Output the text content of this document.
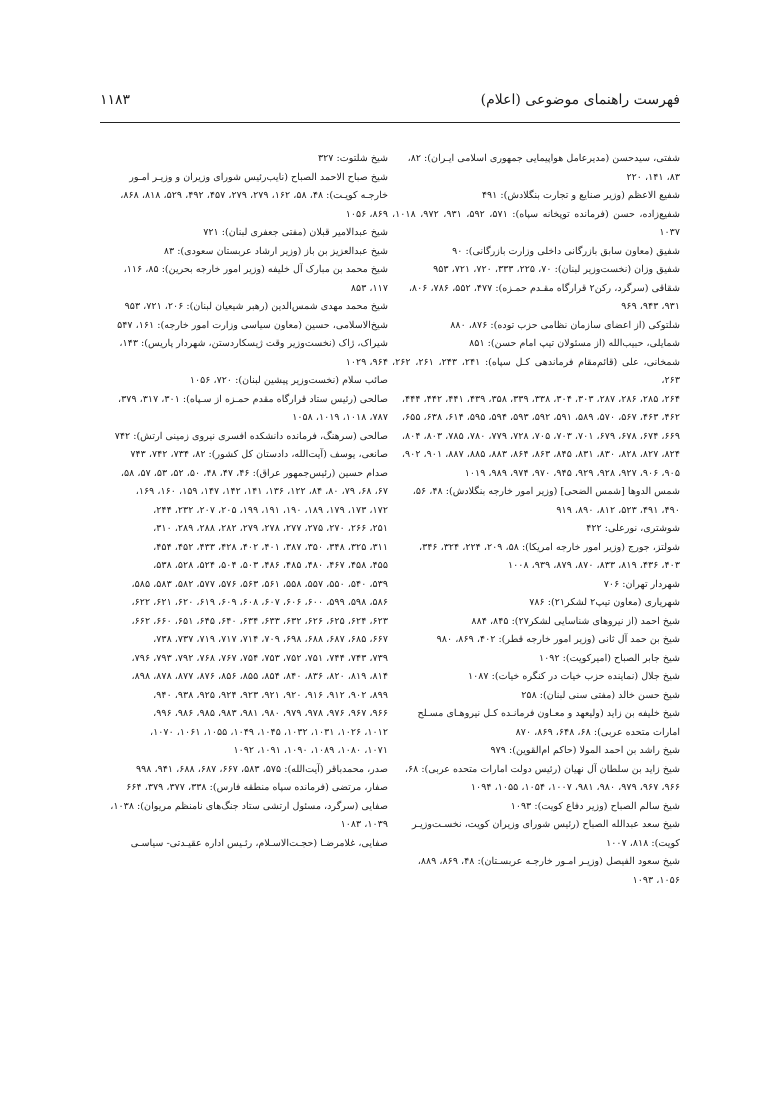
فهرست راهنمای موضوعی (اعلام)
۱۱۸۳

شفتی، سیدحسن (مدیرعامل هواپیمایی جمهوری اسلامی ایـران): ۸۲،

۸۳، ۱۴۱، ۲۲۰

شفیع الاعظم (وزیر صنایع و تجارت بنگلادش): ۴۹۱

شفیع‌زاده، حسن (فرمانده توپخانه سپاه): ۵۷۱، ۵۹۲، ۹۳۱، ۹۷۲، ۱۰۱۸، ۱۰۳۷

شفیق (معاون سابق بازرگانی داخلی وزارت بازرگانی): ۹۰

شفیق وزان (نخست‌وزیر لبنان): ۷۰، ۲۲۵، ۳۳۳، ۷۲۰، ۷۲۱، ۹۵۳

شقاقی (سرگرد، رکن۲ قرارگاه مقـدم حمـزه): ۴۷۷، ۵۵۲، ۷۸۶، ۸۰۶،

۹۳۱، ۹۴۳، ۹۶۹

شلتوکی (از اعضای سازمان نظامی حزب توده): ۸۷۶، ۸۸۰

شمایلی، حبیب‌الله (از مسئولان تیپ امام حسن): ۸۵۱

شمخانی، علی (قائم‌مقام فرماندهی کـل سپاه): ۲۴۱، ۲۴۳، ۲۶۱، ۲۶۲، ۲۶۳،

۲۶۴، ۲۸۵، ۲۸۶، ۲۸۷، ۳۰۳، ۳۰۴، ۳۳۸، ۳۳۹، ۳۵۸، ۴۳۹، ۴۴۱، ۴۴۲، ۴۴۴،

۴۶۲، ۴۶۳، ۵۶۷، ۵۷۰، ۵۸۹، ۵۹۱، ۵۹۲، ۵۹۳، ۵۹۴، ۵۹۵، ۶۱۴، ۶۳۸، ۶۵۵،

۶۶۹، ۶۷۴، ۶۷۸، ۶۷۹، ۷۰۱، ۷۰۳، ۷۰۵، ۷۲۸، ۷۷۹، ۷۸۰، ۷۸۵، ۸۰۳، ۸۰۴،

۸۲۴، ۸۲۷، ۸۲۸، ۸۳۰، ۸۳۱، ۸۴۵، ۸۶۳، ۸۶۴، ۸۸۳، ۸۸۵، ۸۸۷، ۹۰۱، ۹۰۲،

۹۰۵، ۹۰۶، ۹۲۷، ۹۲۸، ۹۲۹، ۹۴۵، ۹۷۰، ۹۷۴، ۹۸۹، ۱۰۱۹

شمس الدوها [شمس الضحی] (وزیر امور خارجه بنگلادش): ۴۸، ۵۶،

۴۹۰، ۴۹۱، ۵۲۳، ۸۱۲، ۸۹۰، ۹۱۹

شوشتری، نورعلی: ۴۲۲

شولتز، جورج (وزیر امور خارجه امریکا): ۵۸، ۲۰۹، ۲۲۴، ۳۲۴، ۳۴۶،

۴۰۳، ۴۳۶، ۸۱۹، ۸۳۳، ۸۷۰، ۸۷۹، ۹۳۹، ۱۰۰۸

شهردار تهران: ۷۰۶

شهریاری (معاون تیپ۲ لشکر۲۱): ۷۸۶

شیخ احمد (از نیروهای شناسایی لشکر۲۷): ۸۴۵، ۸۸۴

شیخ بن حمد آل ثانی (وزیر امور خارجه قطر): ۴۰۲، ۸۶۹، ۹۸۰

شیخ جابر الصباح (امیرکویت): ۱۰۹۲

شیخ جلال (نماینده حزب خیات در کنگره خیات): ۱۰۸۷

شیخ حسن خالد (مفتی سنی لبنان): ۲۵۸

شیخ خلیفه بن زاید (ولیعهد و معـاون فرمانـده کـل نیروهـای مسـلح

امارات متحده عربی): ۶۸، ۶۴۸، ۸۶۹، ۸۷۰

شیخ راشد بن احمد المولا (حاکم ام‌القوین): ۹۷۹

شیخ زاید بن سلطان آل نهیان (رئیس دولت امارات متحده عربی): ۶۸،

۹۶۶، ۹۶۷، ۹۷۹، ۹۸۰، ۹۸۱، ۱۰۰۷، ۱۰۵۴، ۱۰۵۵، ۱۰۹۴

شیخ سالم الصباح (وزیر دفاع کویت): ۱۰۹۳

شیخ سعد عبدالله الصباح (رئیس شورای وزیران کویت، نخسـت‌وزیـر

کویت): ۸۱۸، ۱۰۰۷

شیخ سعود الفیصل (وزیـر امـور خارجـه عربسـتان): ۴۸، ۸۶۹، ۸۸۹،

۱۰۵۶، ۱۰۹۳

شیخ شلتوت: ۳۲۷

شیخ صباح الاحمد الصباح (نایب‌رئیس شورای وزیران و وزیـر امـور

خارجـه کویـت): ۴۸، ۵۸، ۱۶۲، ۲۷۹، ۲۷۹، ۴۵۷، ۴۹۲، ۵۲۹، ۸۱۸، ۸۶۸،

۸۶۹، ۱۰۵۶

شیخ عبدالامیر قبلان (مفتی جعفری لبنان): ۷۲۱

شیخ عبدالعزیز بن باز (وزیر ارشاد عربستان سعودی): ۸۳

شیخ محمد بن مبارک آل خلیفه (وزیر امور خارجه بحرین): ۸۵، ۱۱۶،

۱۱۷، ۸۵۳

شیخ محمد مهدی شمس‌الدین (رهبر شیعیان لبنان): ۲۰۶، ۷۲۱، ۹۵۳

شیخ‌الاسلامی، حسین (معاون سیاسی وزارت امور خارجه): ۱۶۱، ۵۴۷

شیراک، ژاک (نخست‌وزیر وقت ژیسکاردستن، شهردار پاریس): ۱۴۳،

۹۶۴، ۱۰۲۹

صائب سلام (نخست‌وزیر پیشین لبنان): ۷۲۰، ۱۰۵۶

صالحی (رئیس ستاد قرارگاه مقدم حمـزه از سـپاه): ۳۰۱، ۳۱۷، ۳۷۹،

۷۸۷، ۱۰۱۸، ۱۰۱۹، ۱۰۵۸

صالحی (سرهنگ، فرمانده دانشکده افسری نیروی زمینی ارتش): ۷۴۲

صانعی، یوسف (آیت‌الله، دادستان کل کشور): ۸۲، ۷۳۴، ۷۴۲، ۷۴۳

صدام حسین (رئیس‌جمهور عراق): ۴۶، ۴۷، ۴۸، ۵۰، ۵۲، ۵۳، ۵۷، ۵۸،

۶۷، ۶۸، ۷۹، ۸۰، ۸۴، ۱۲۲، ۱۳۶، ۱۴۱، ۱۴۲، ۱۴۷، ۱۵۹، ۱۶۰، ۱۶۹،

۱۷۲، ۱۷۳، ۱۷۹، ۱۸۹، ۱۹۰، ۱۹۱، ۱۹۹، ۲۰۵، ۲۰۷، ۲۳۲، ۲۴۴،

۲۵۱، ۲۶۶، ۲۷۰، ۲۷۵، ۲۷۷، ۲۷۸، ۲۷۹، ۲۸۲، ۲۸۸، ۲۸۹، ۳۱۰،

۳۱۱، ۳۲۵، ۳۴۸، ۳۵۰، ۳۸۷، ۴۰۱، ۴۰۲، ۴۲۸، ۴۳۳، ۴۵۲، ۴۵۴،

۴۵۵، ۴۵۸، ۴۶۷، ۴۸۰، ۴۸۵، ۴۸۶، ۵۰۳، ۵۰۴، ۵۲۴، ۵۲۸، ۵۳۸،

۵۳۹، ۵۴۰، ۵۵۰، ۵۵۷، ۵۵۸، ۵۶۱، ۵۶۳، ۵۷۶، ۵۷۷، ۵۸۲، ۵۸۳، ۵۸۵،

۵۸۶، ۵۹۸، ۵۹۹، ۶۰۰، ۶۰۶، ۶۰۷، ۶۰۸، ۶۰۹، ۶۱۹، ۶۲۰، ۶۲۱، ۶۲۲،

۶۲۳، ۶۲۴، ۶۲۵، ۶۲۶، ۶۳۲، ۶۳۳، ۶۳۴، ۶۴۰، ۶۴۵، ۶۵۱، ۶۶۰، ۶۶۲،

۶۶۷، ۶۸۵، ۶۸۷، ۶۸۸، ۶۹۸، ۷۰۹، ۷۱۴، ۷۱۷، ۷۱۹، ۷۳۷، ۷۳۸،

۷۳۹، ۷۴۳، ۷۴۴، ۷۵۱، ۷۵۲، ۷۵۳، ۷۵۴، ۷۶۷، ۷۶۸، ۷۹۲، ۷۹۳، ۷۹۶،

۸۱۴، ۸۱۹، ۸۲۰، ۸۳۶، ۸۴۰، ۸۵۴، ۸۵۵، ۸۵۶، ۸۷۶، ۸۷۷، ۸۷۸، ۸۹۸،

۸۹۹، ۹۰۲، ۹۱۲، ۹۱۶، ۹۲۰، ۹۲۱، ۹۲۳، ۹۲۴، ۹۲۵، ۹۳۸، ۹۴۰،

۹۶۶، ۹۶۷، ۹۷۶، ۹۷۸، ۹۷۹، ۹۸۰، ۹۸۱، ۹۸۳، ۹۸۵، ۹۸۶، ۹۹۶،

۱۰۱۲، ۱۰۲۶، ۱۰۳۱، ۱۰۳۲، ۱۰۴۵، ۱۰۴۹، ۱۰۵۵، ۱۰۶۱، ۱۰۷۰،

۱۰۷۱، ۱۰۸۰، ۱۰۸۹، ۱۰۹۰، ۱۰۹۱، ۱۰۹۲

صدر، محمدباقر (آیت‌الله): ۵۷۵، ۵۸۳، ۶۶۷، ۶۸۷، ۶۸۸، ۹۴۱، ۹۹۸

صفار، مرتضی (فرمانده سپاه منطقه فارس): ۳۳۸، ۳۷۷، ۳۷۹، ۶۶۴

صفایی (سرگرد، مسئول ارتشی ستاد جنگ‌های نامنظم مریوان): ۱۰۳۸،

۱۰۳۹، ۱۰۸۳

صفایی، غلامرضـا (حجـت‌الاسـلام، رئـیس اداره عقیـدتی- سیاسـی
